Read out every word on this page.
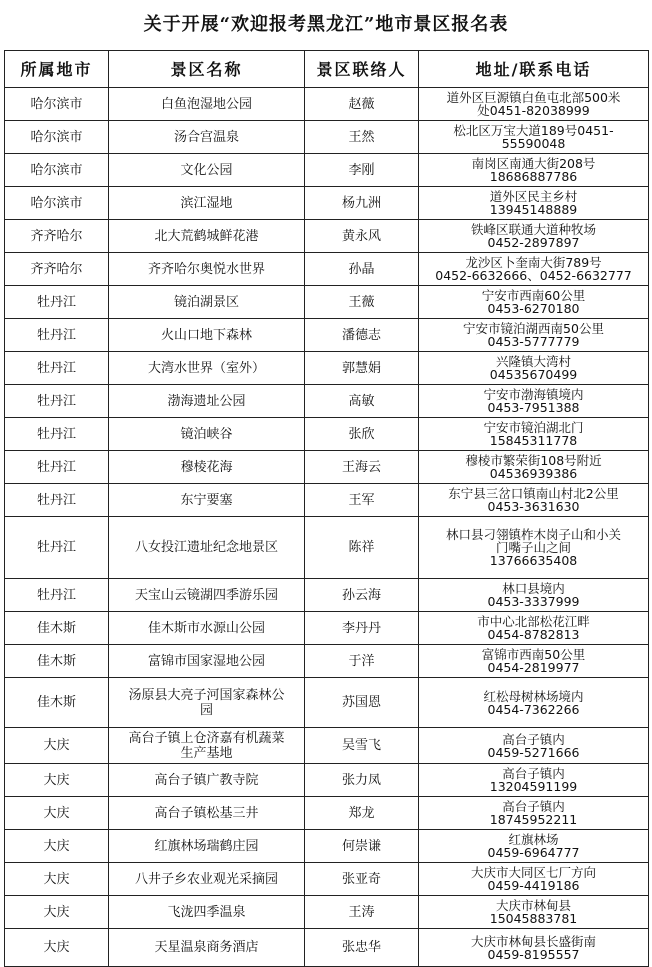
关于开展“欢迎报考黑龙江”地市景区报名表
所属地市	景区名称	景区联络人	地址/联系电话
哈尔滨市	白鱼泡湿地公园	赵薇	道外区巨源镇白鱼屯北部500米
处0451-82038999

哈尔滨市	汤合宫温泉	王然	松北区万宝大道189号0451-
55590048

哈尔滨市	文化公园	李刚	南岗区南通大街208号
18686887786

哈尔滨市	滨江湿地	杨九洲	道外区民主乡村
13945148889

齐齐哈尔	北大荒鹤城鲜花港	黄永风	铁峰区联通大道种牧场
0452-2897897

齐齐哈尔	齐齐哈尔奥悦水世界	孙晶	龙沙区卜奎南大街789号
0452-6632666、0452-6632777

牡丹江	镜泊湖景区	王薇	宁安市西南60公里
0453-6270180

牡丹江	火山口地下森林	潘德志	宁安市镜泊湖西南50公里
0453-5777779

牡丹江	大湾水世界（室外）	郭慧娟	兴隆镇大湾村
04535670499

牡丹江	渤海遗址公园	高敏	宁安市渤海镇境内
0453-7951388

牡丹江	镜泊峡谷	张欣	宁安市镜泊湖北门
15845311778

牡丹江	穆棱花海	王海云	穆棱市繁荣街108号附近
04536939386

牡丹江	东宁要塞	王军	东宁县三岔口镇南山村北2公里
0453-3631630

牡丹江	八女投江遗址纪念地景区	陈祥	林口县刁翎镇柞木岗子山和小关
门嘴子山之间
13766635408

牡丹江	天宝山云镜湖四季游乐园	孙云海	林口县境内
0453-3337999

佳木斯	佳木斯市水源山公园	李丹丹	市中心北部松花江畔
0454-8782813

佳木斯	富锦市国家湿地公园	于洋	富锦市西南50公里
0454-2819977

佳木斯	汤原县大亮子河国家森林公
园	苏国恩	红松母树林场境内
0454-7362266

大庆	高台子镇上仓济嘉有机蔬菜
生产基地	吴雪飞	高台子镇内
0459-5271666

大庆	高台子镇广教寺院	张力凤	高台子镇内
13204591199

大庆	高台子镇松基三井	郑龙	高台子镇内
18745952211

大庆	红旗林场瑞鹤庄园	何崇谦	红旗林场
0459-6964777

大庆	八井子乡农业观光采摘园	张亚奇	大庆市大同区七厂方向
0459-4419186

大庆	飞泷四季温泉	王涛	大庆市林甸县
15045883781

大庆	天星温泉商务酒店	张忠华	大庆市林甸县长盛街南
0459-8195557
